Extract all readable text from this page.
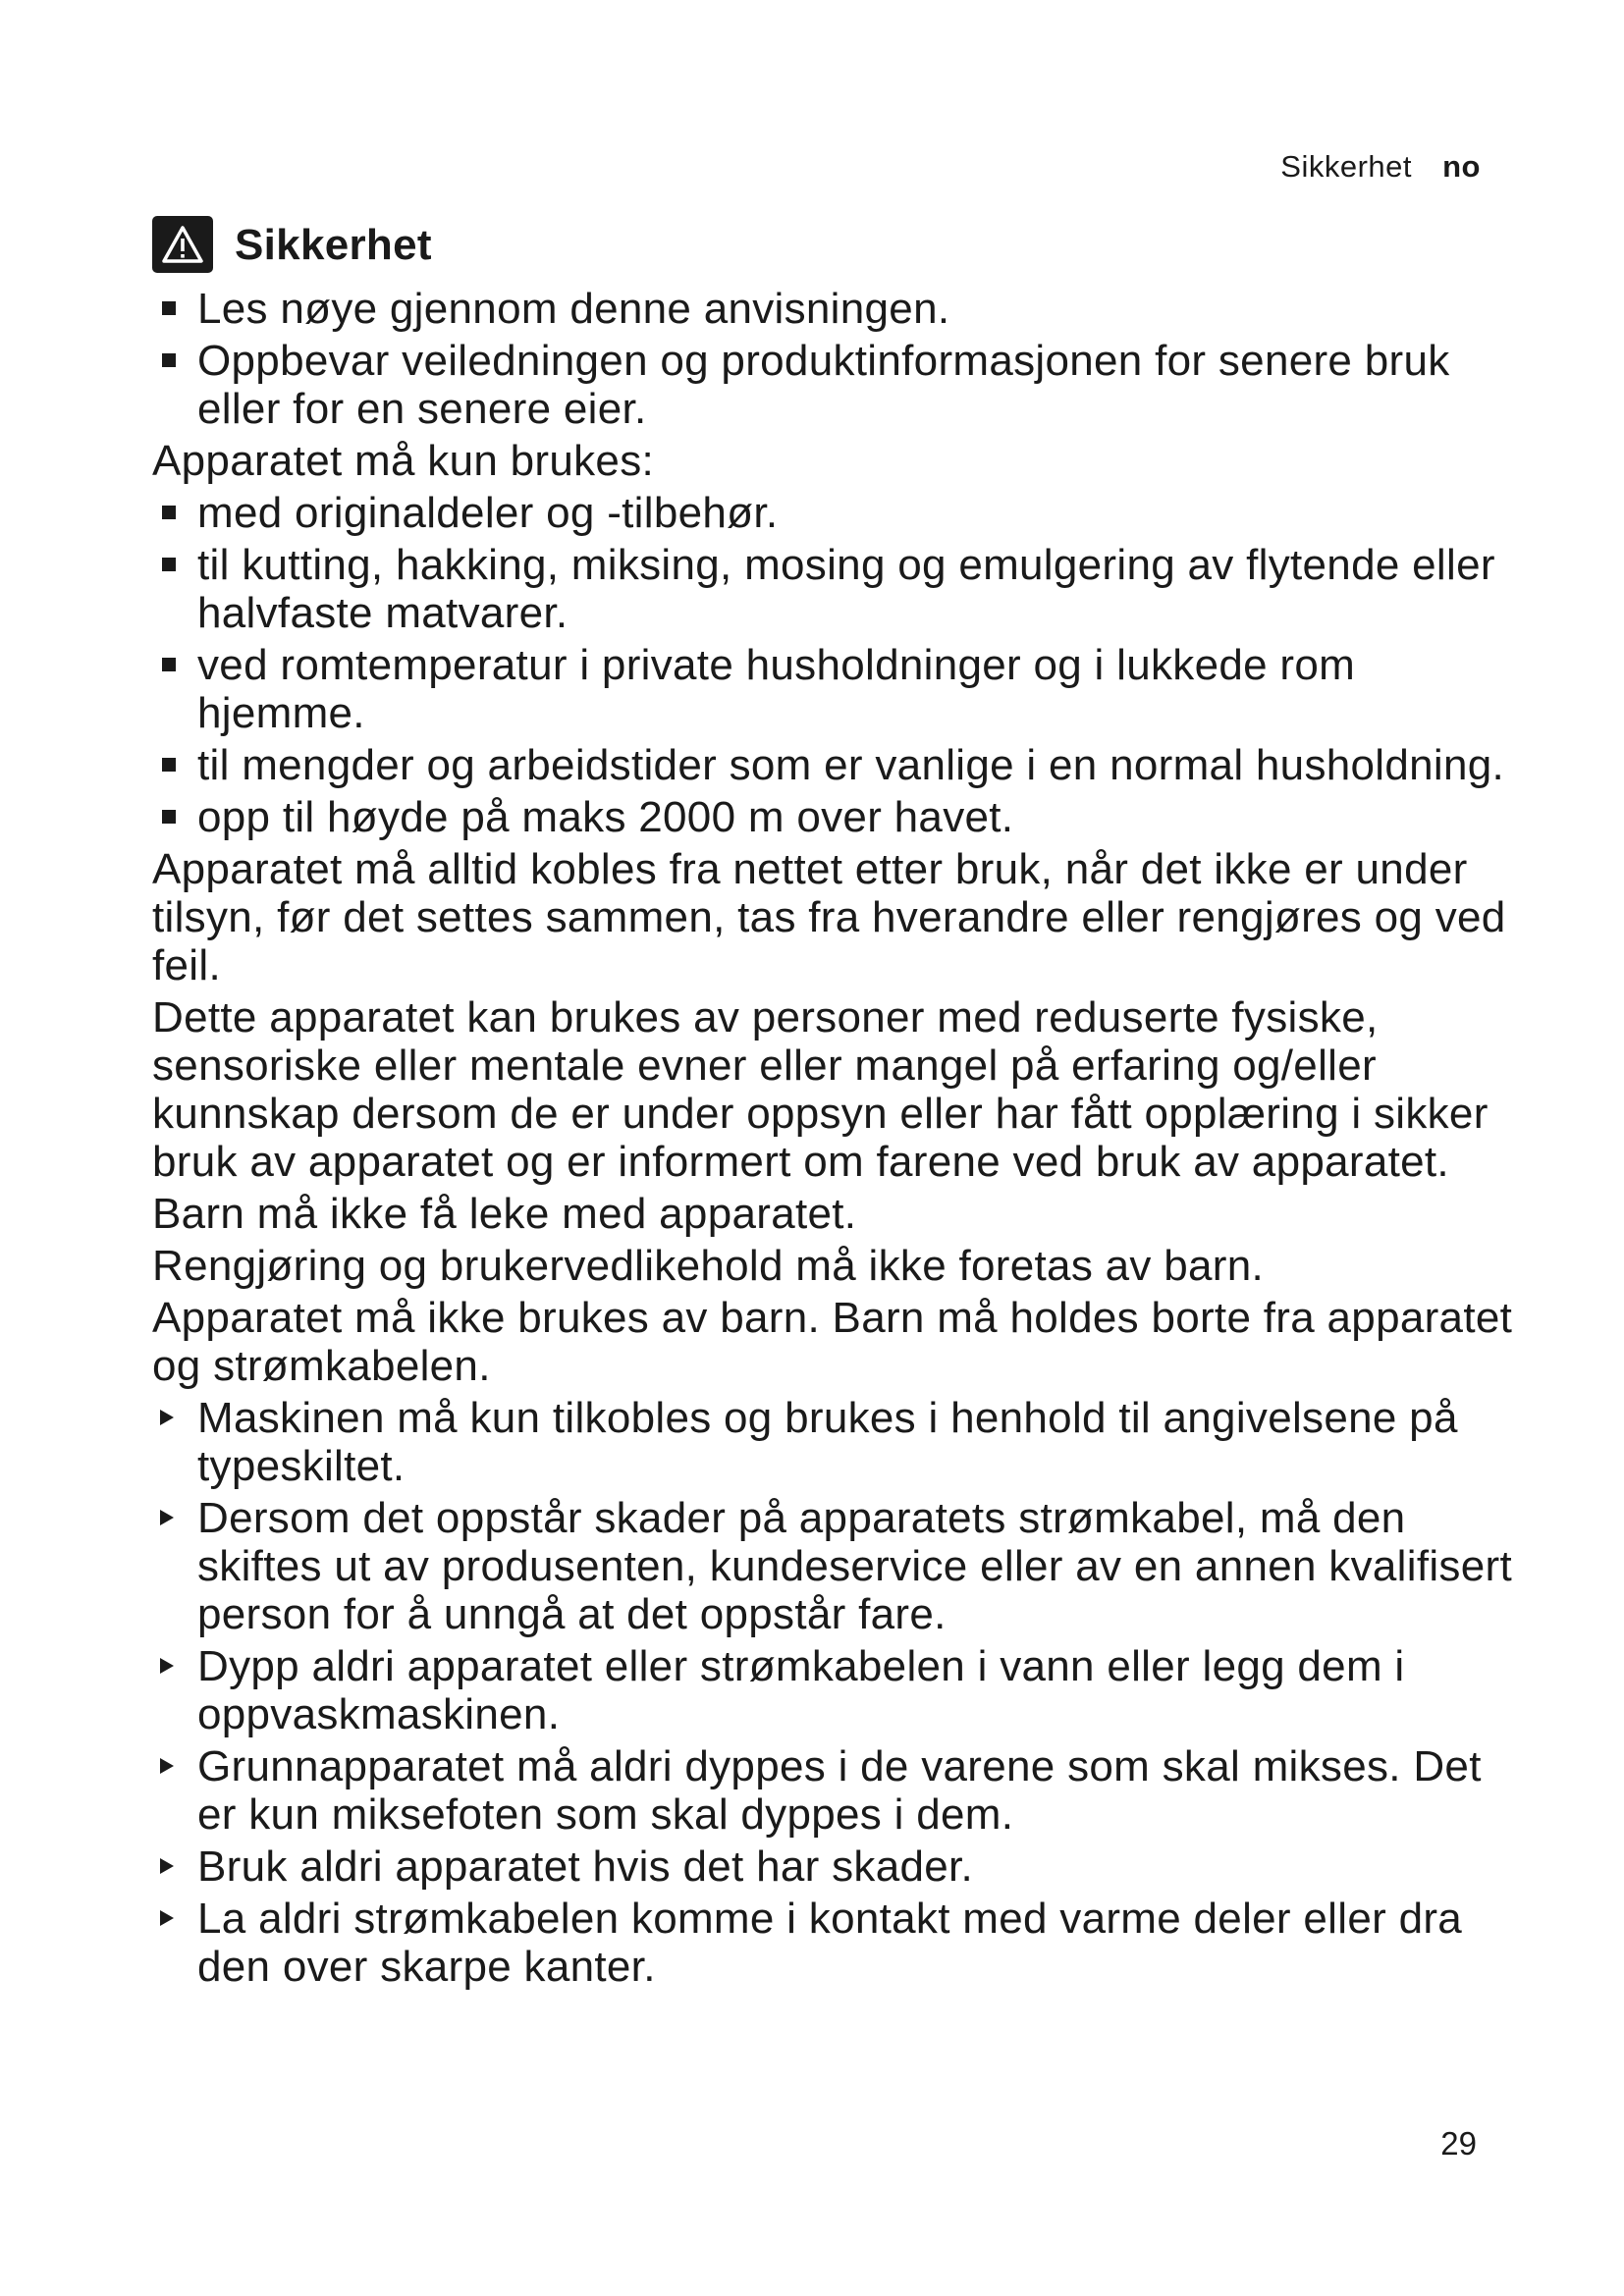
Sikkerhet no
Sikkerhet
Les nøye gjennom denne anvisningen.
Oppbevar veiledningen og produktinformasjonen for senere bruk eller for en senere eier.
Apparatet må kun brukes:
med originaldeler og -tilbehør.
til kutting, hakking, miksing, mosing og emulgering av flytende eller halvfaste matvarer.
ved romtemperatur i private husholdninger og i lukkede rom hjemme.
til mengder og arbeidstider som er vanlige i en normal husholdning.
opp til høyde på maks 2000 m over havet.
Apparatet må alltid kobles fra nettet etter bruk, når det ikke er under tilsyn, før det settes sammen, tas fra hverandre eller rengjøres og ved feil.
Dette apparatet kan brukes av personer med reduserte fysiske, sensoriske eller mentale evner eller mangel på erfaring og/eller kunnskap dersom de er under oppsyn eller har fått opplæring i sikker bruk av apparatet og er informert om farene ved bruk av apparatet.
Barn må ikke få leke med apparatet.
Rengjøring og brukervedlikehold må ikke foretas av barn.
Apparatet må ikke brukes av barn. Barn må holdes borte fra apparatet og strømkabelen.
Maskinen må kun tilkobles og brukes i henhold til angivelsene på typeskiltet.
Dersom det oppstår skader på apparatets strømkabel, må den skiftes ut av produsenten, kundeservice eller av en annen kvalifisert person for å unngå at det oppstår fare.
Dypp aldri apparatet eller strømkabelen i vann eller legg dem i oppvaskmaskinen.
Grunnapparatet må aldri dyppes i de varene som skal mikses. Det er kun miksefoten som skal dyppes i dem.
Bruk aldri apparatet hvis det har skader.
La aldri strømkabelen komme i kontakt med varme deler eller dra den over skarpe kanter.
29
